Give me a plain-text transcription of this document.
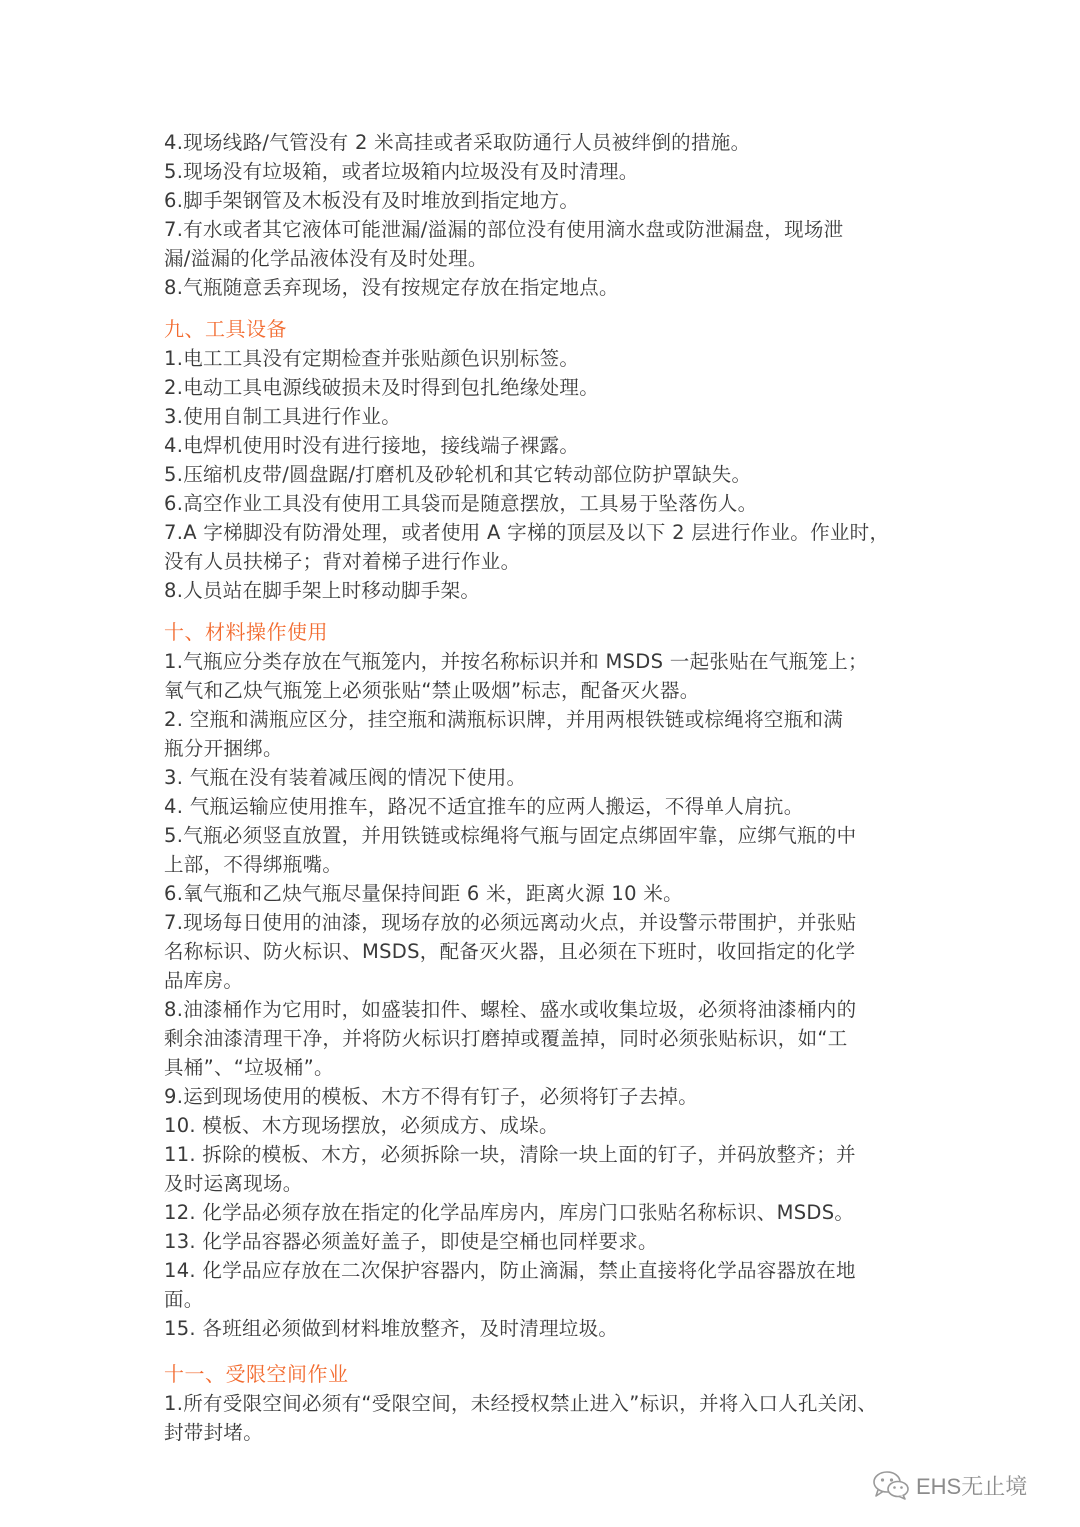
4.现场线路/气管没有 2 米高挂或者采取防通行人员被绊倒的措施。
5.现场没有垃圾箱，或者垃圾箱内垃圾没有及时清理。
6.脚手架钢管及木板没有及时堆放到指定地方。
7.有水或者其它液体可能泄漏/溢漏的部位没有使用滴水盘或防泄漏盘，现场泄
漏/溢漏的化学品液体没有及时处理。
8.气瓶随意丢弃现场，没有按规定存放在指定地点。
九、工具设备
1.电工工具没有定期检查并张贴颜色识别标签。
2.电动工具电源线破损未及时得到包扎绝缘处理。
3.使用自制工具进行作业。
4.电焊机使用时没有进行接地，接线端子裸露。
5.压缩机皮带/圆盘踞/打磨机及砂轮机和其它转动部位防护罩缺失。
6.高空作业工具没有使用工具袋而是随意摆放，工具易于坠落伤人。
7.A 字梯脚没有防滑处理，或者使用 A 字梯的顶层及以下 2 层进行作业。作业时，
没有人员扶梯子；背对着梯子进行作业。
8.人员站在脚手架上时移动脚手架。
十、材料操作使用
1.气瓶应分类存放在气瓶笼内，并按名称标识并和 MSDS 一起张贴在气瓶笼上；
氧气和乙炔气瓶笼上必须张贴“禁止吸烟”标志，配备灭火器。
2. 空瓶和满瓶应区分，挂空瓶和满瓶标识牌，并用两根铁链或棕绳将空瓶和满
瓶分开捆绑。
3. 气瓶在没有装着减压阀的情况下使用。
4. 气瓶运输应使用推车，路况不适宜推车的应两人搬运，不得单人肩抗。
5.气瓶必须竖直放置，并用铁链或棕绳将气瓶与固定点绑固牢靠，应绑气瓶的中
上部，不得绑瓶嘴。
6.氧气瓶和乙炔气瓶尽量保持间距 6 米，距离火源 10 米。
7.现场每日使用的油漆，现场存放的必须远离动火点，并设警示带围护，并张贴
名称标识、防火标识、MSDS，配备灭火器，且必须在下班时，收回指定的化学
品库房。
8.油漆桶作为它用时，如盛装扣件、螺栓、盛水或收集垃圾，必须将油漆桶内的
剩余油漆清理干净，并将防火标识打磨掉或覆盖掉，同时必须张贴标识，如“工
具桶”、“垃圾桶”。
9.运到现场使用的模板、木方不得有钉子，必须将钉子去掉。
10. 模板、木方现场摆放，必须成方、成垛。
11. 拆除的模板、木方，必须拆除一块，清除一块上面的钉子，并码放整齐；并
及时运离现场。
12. 化学品必须存放在指定的化学品库房内，库房门口张贴名称标识、MSDS。
13. 化学品容器必须盖好盖子，即使是空桶也同样要求。
14. 化学品应存放在二次保护容器内，防止滴漏，禁止直接将化学品容器放在地
面。
15. 各班组必须做到材料堆放整齐，及时清理垃圾。
十一、受限空间作业
1.所有受限空间必须有“受限空间，未经授权禁止进入”标识，并将入口人孔关闭、
封带封堵。
EHS无止境
